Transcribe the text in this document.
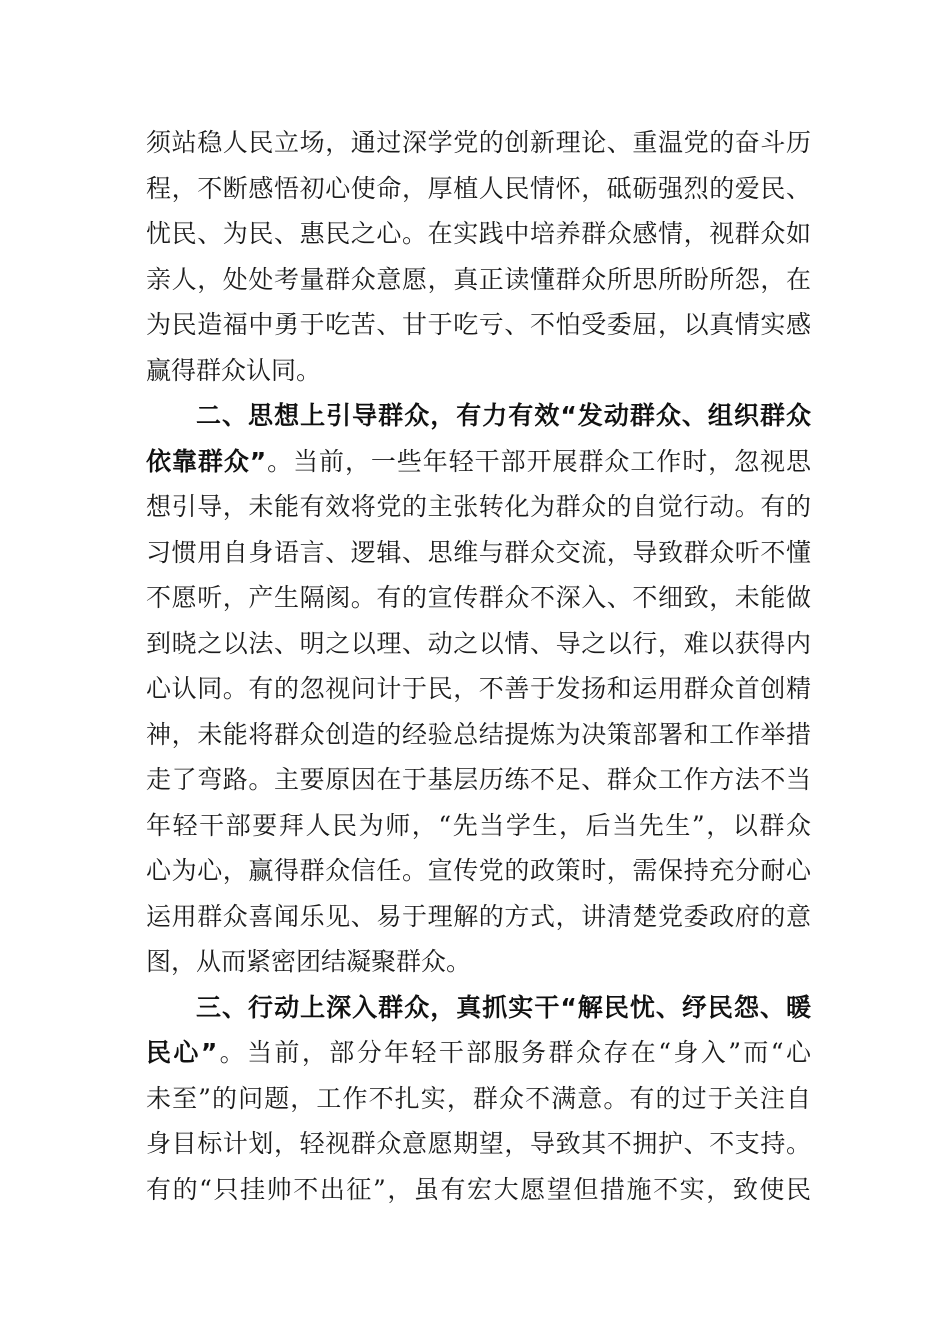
须站稳人民立场，通过深学党的创新理论、重温党的奋斗历
程，不断感悟初心使命，厚植人民情怀，砥砺强烈的爱民、
忧民、为民、惠民之心。在实践中培养群众感情，视群众如
亲人，处处考量群众意愿，真正读懂群众所思所盼所怨，在
为民造福中勇于吃苦、甘于吃亏、不怕受委屈，以真情实感
赢得群众认同。
二、思想上引导群众，有力有效“发动群众、组织群众
依靠群众”。当前，一些年轻干部开展群众工作时，忽视思
想引导，未能有效将党的主张转化为群众的自觉行动。有的
习惯用自身语言、逻辑、思维与群众交流，导致群众听不懂
不愿听，产生隔阂。有的宣传群众不深入、不细致，未能做
到晓之以法、明之以理、动之以情、导之以行，难以获得内
心认同。有的忽视问计于民，不善于发扬和运用群众首创精
神，未能将群众创造的经验总结提炼为决策部署和工作举措
走了弯路。主要原因在于基层历练不足、群众工作方法不当
年轻干部要拜人民为师，“先当学生，后当先生”，以群众
心为心，赢得群众信任。宣传党的政策时，需保持充分耐心
运用群众喜闻乐见、易于理解的方式，讲清楚党委政府的意
图，从而紧密团结凝聚群众。
三、行动上深入群众，真抓实干“解民忧、纾民怨、暖
民心”。当前，部分年轻干部服务群众存在“身入”而“心
未至”的问题，工作不扎实，群众不满意。有的过于关注自
身目标计划，轻视群众意愿期望，导致其不拥护、不支持。
有的“只挂帅不出征”，虽有宏大愿望但措施不实，致使民
